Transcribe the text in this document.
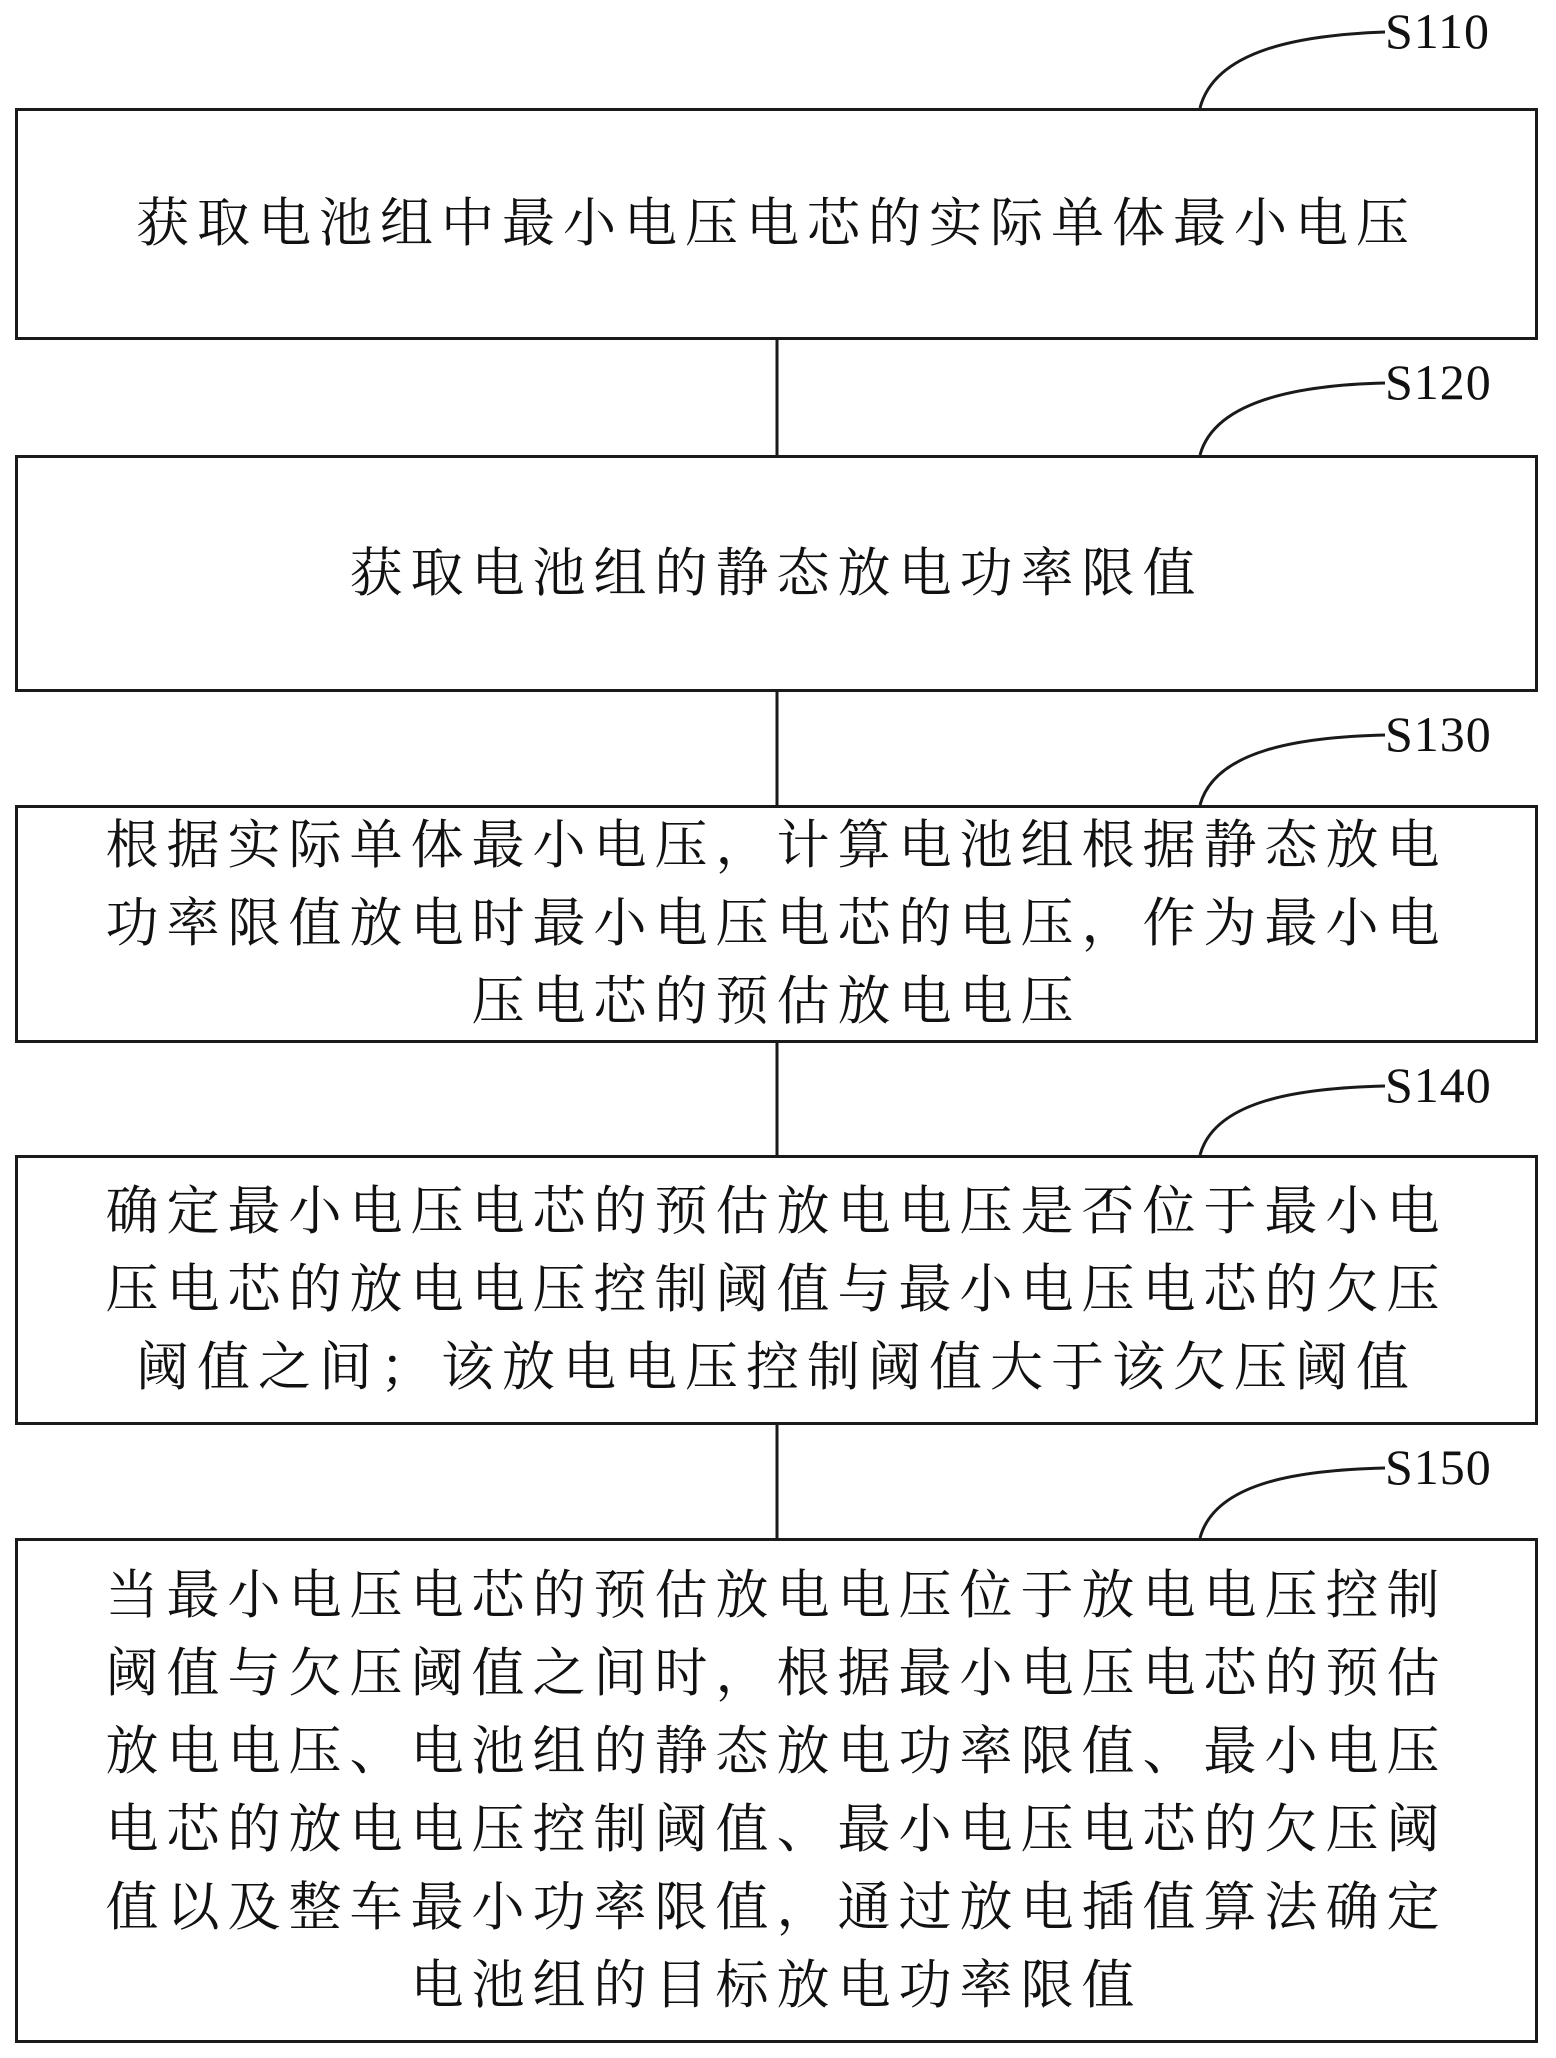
S110
S120
S130
S140
S150
获取电池组中最小电压电芯的实际单体最小电压
获取电池组的静态放电功率限值
根据实际单体最小电压，计算电池组根据静态放电
功率限值放电时最小电压电芯的电压，作为最小电
压电芯的预估放电电压
确定最小电压电芯的预估放电电压是否位于最小电
压电芯的放电电压控制阈值与最小电压电芯的欠压
阈值之间；该放电电压控制阈值大于该欠压阈值
当最小电压电芯的预估放电电压位于放电电压控制
阈值与欠压阈值之间时，根据最小电压电芯的预估
放电电压、电池组的静态放电功率限值、最小电压
电芯的放电电压控制阈值、最小电压电芯的欠压阈
值以及整车最小功率限值，通过放电插值算法确定
电池组的目标放电功率限值
